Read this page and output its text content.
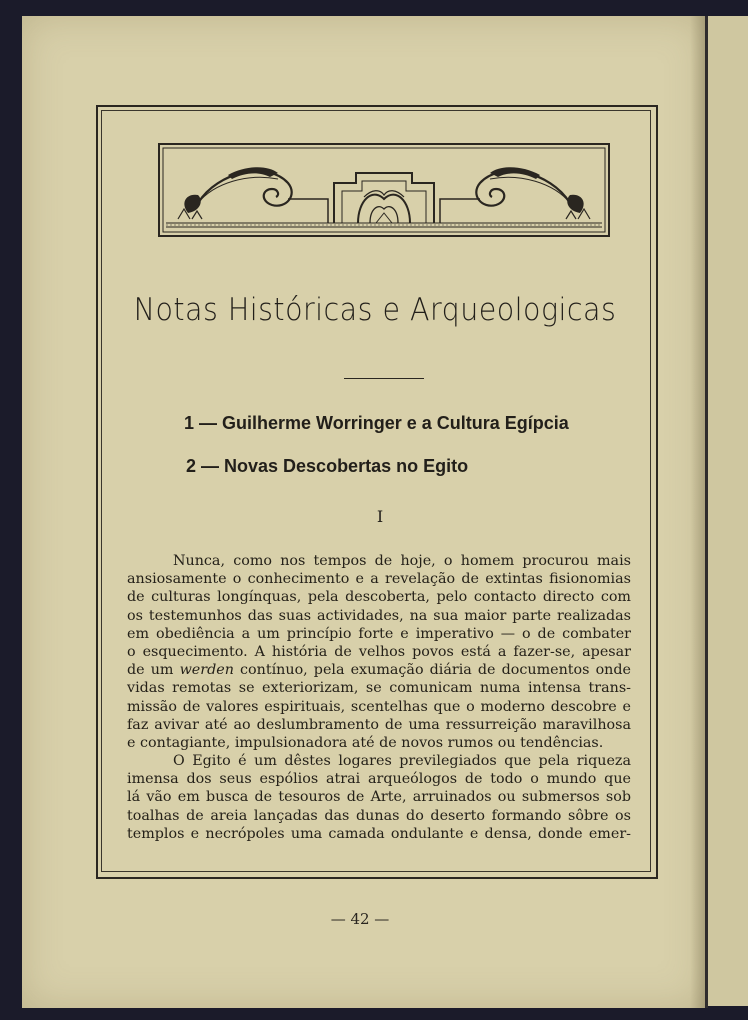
Notas Históricas e Arqueologicas
1 — Guilherme Worringer e a Cultura Egípcia
2 — Novas Descobertas no Egito
I
Nunca, como nos tempos de hoje, o homem procurou mais
ansiosamente o conhecimento e a revelação de extintas fisionomias
de culturas longínquas, pela descoberta, pelo contacto directo com
os testemunhos das suas actividades, na sua maior parte realizadas
em obediência a um princípio forte e imperativo — o de combater
o esquecimento. A história de velhos povos está a fazer-se, apesar
de um werden contínuo, pela exumação diária de documentos onde
vidas remotas se exteriorizam, se comunicam numa intensa trans-
missão de valores espirituais, scentelhas que o moderno descobre e
faz avivar até ao deslumbramento de uma ressurreição maravilhosa
e contagiante, impulsionadora até de novos rumos ou tendências.
O Egito é um dêstes logares previlegiados que pela riqueza
imensa dos seus espólios atrai arqueólogos de todo o mundo que
lá vão em busca de tesouros de Arte, arruinados ou submersos sob
toalhas de areia lançadas das dunas do deserto formando sôbre os
templos e necrópoles uma camada ondulante e densa, donde emer-
— 42 —
